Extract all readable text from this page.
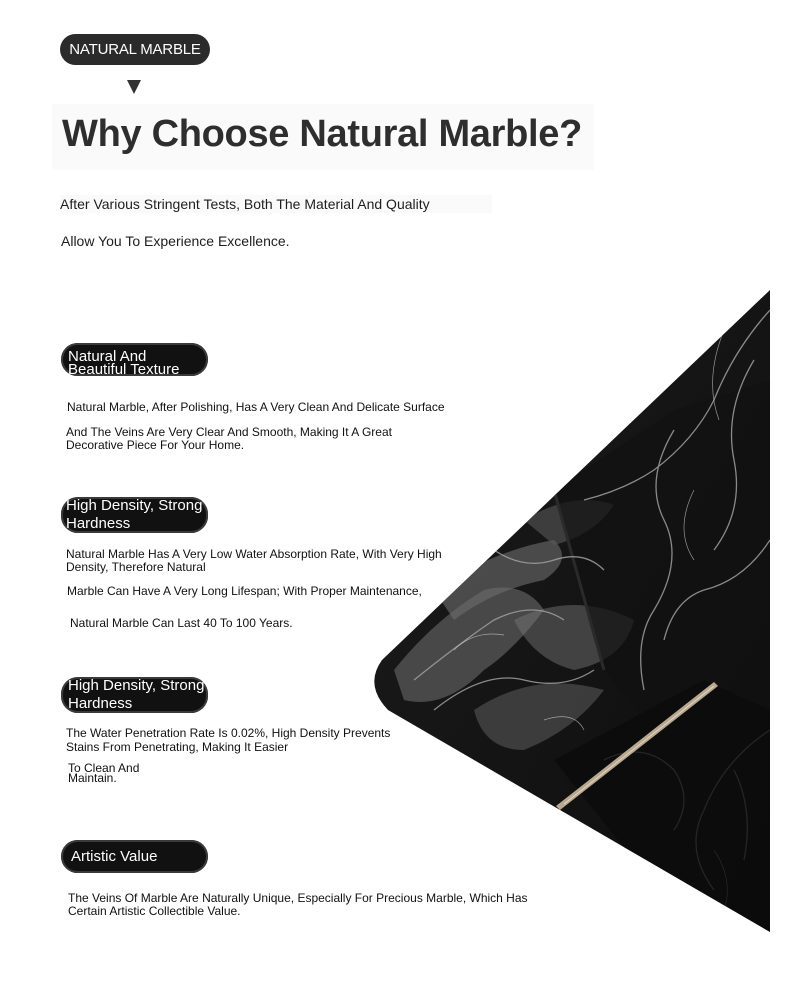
NATURAL MARBLE
Why Choose Natural Marble?
After Various Stringent Tests, Both The Material And Quality
Allow You To Experience Excellence.
Natural And Beautiful Texture
Natural Marble, After Polishing, Has A Very Clean And Delicate Surface
And The Veins Are Very Clear And Smooth, Making It A Great
Decorative Piece For Your Home.
High Density, Strong Hardness
Natural Marble Has A Very Low Water Absorption Rate, With Very High
Density, Therefore Natural
Marble Can Have A Very Long Lifespan; With Proper Maintenance,
Natural Marble Can Last 40 To 100 Years.
High Density, Strong Hardness
The Water Penetration Rate Is 0.02%, High Density Prevents
Stains From Penetrating, Making It Easier
To Clean And
Maintain.
Artistic Value
The Veins Of Marble Are Naturally Unique, Especially For Precious Marble, Which Has
Certain Artistic Collectible Value.
